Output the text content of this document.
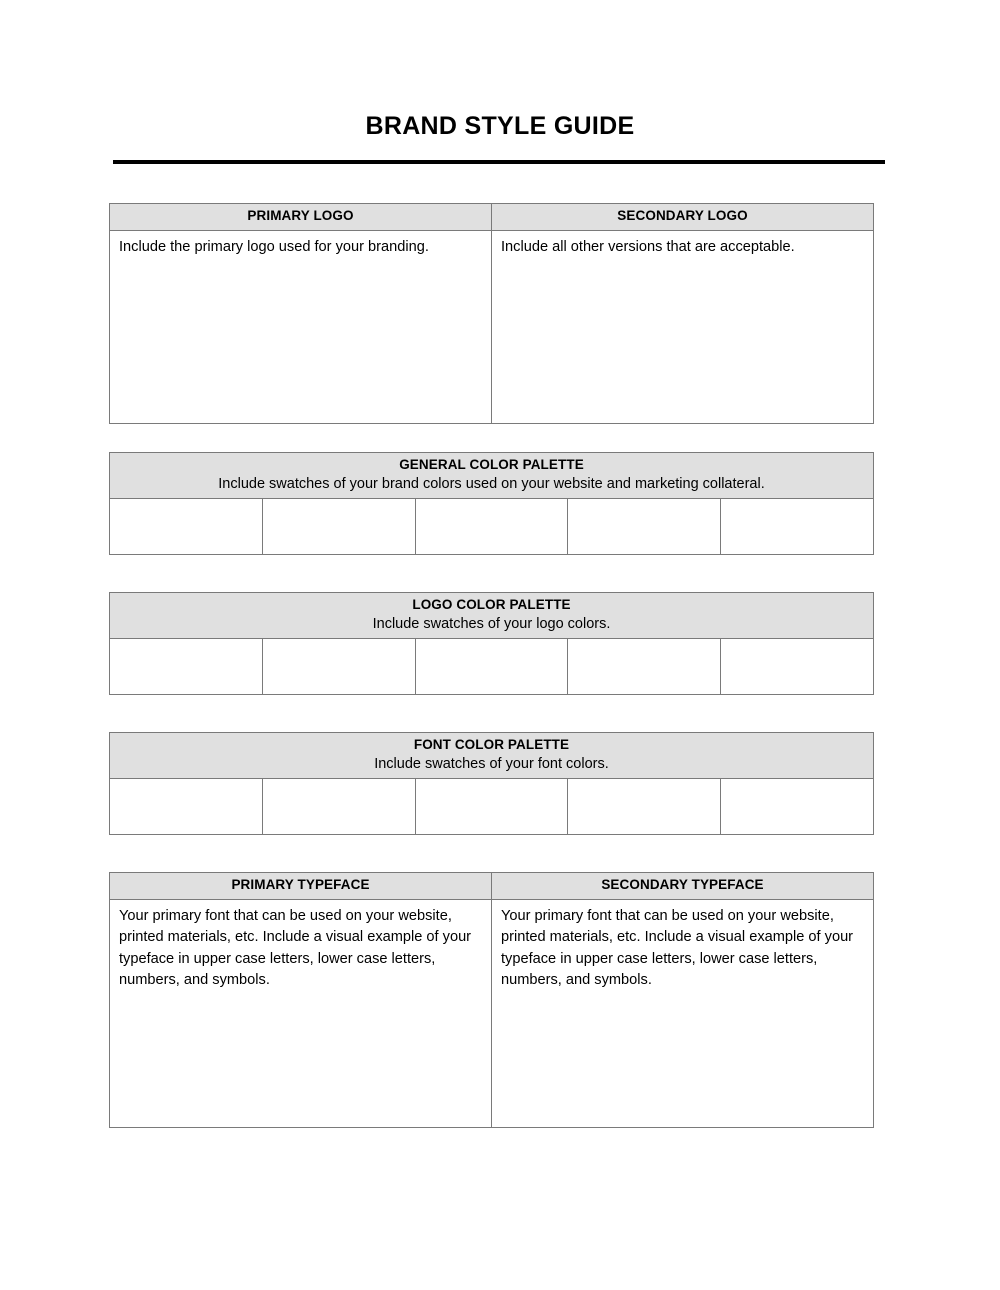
BRAND STYLE GUIDE
PRIMARY LOGO	SECONDARY LOGO
Include the primary logo used for your branding.	Include all other versions that are acceptable.
GENERAL COLOR PALETTE
Include swatches of your brand colors used on your website and marketing collateral.

LOGO COLOR PALETTE
Include swatches of your logo colors.

FONT COLOR PALETTE
Include swatches of your font colors.

PRIMARY TYPEFACE	SECONDARY TYPEFACE
Your primary font that can be used on your website, printed materials, etc. Include a visual example of your typeface in upper case letters, lower case letters, numbers, and symbols.	Your primary font that can be used on your website, printed materials, etc. Include a visual example of your typeface in upper case letters, lower case letters, numbers, and symbols.
